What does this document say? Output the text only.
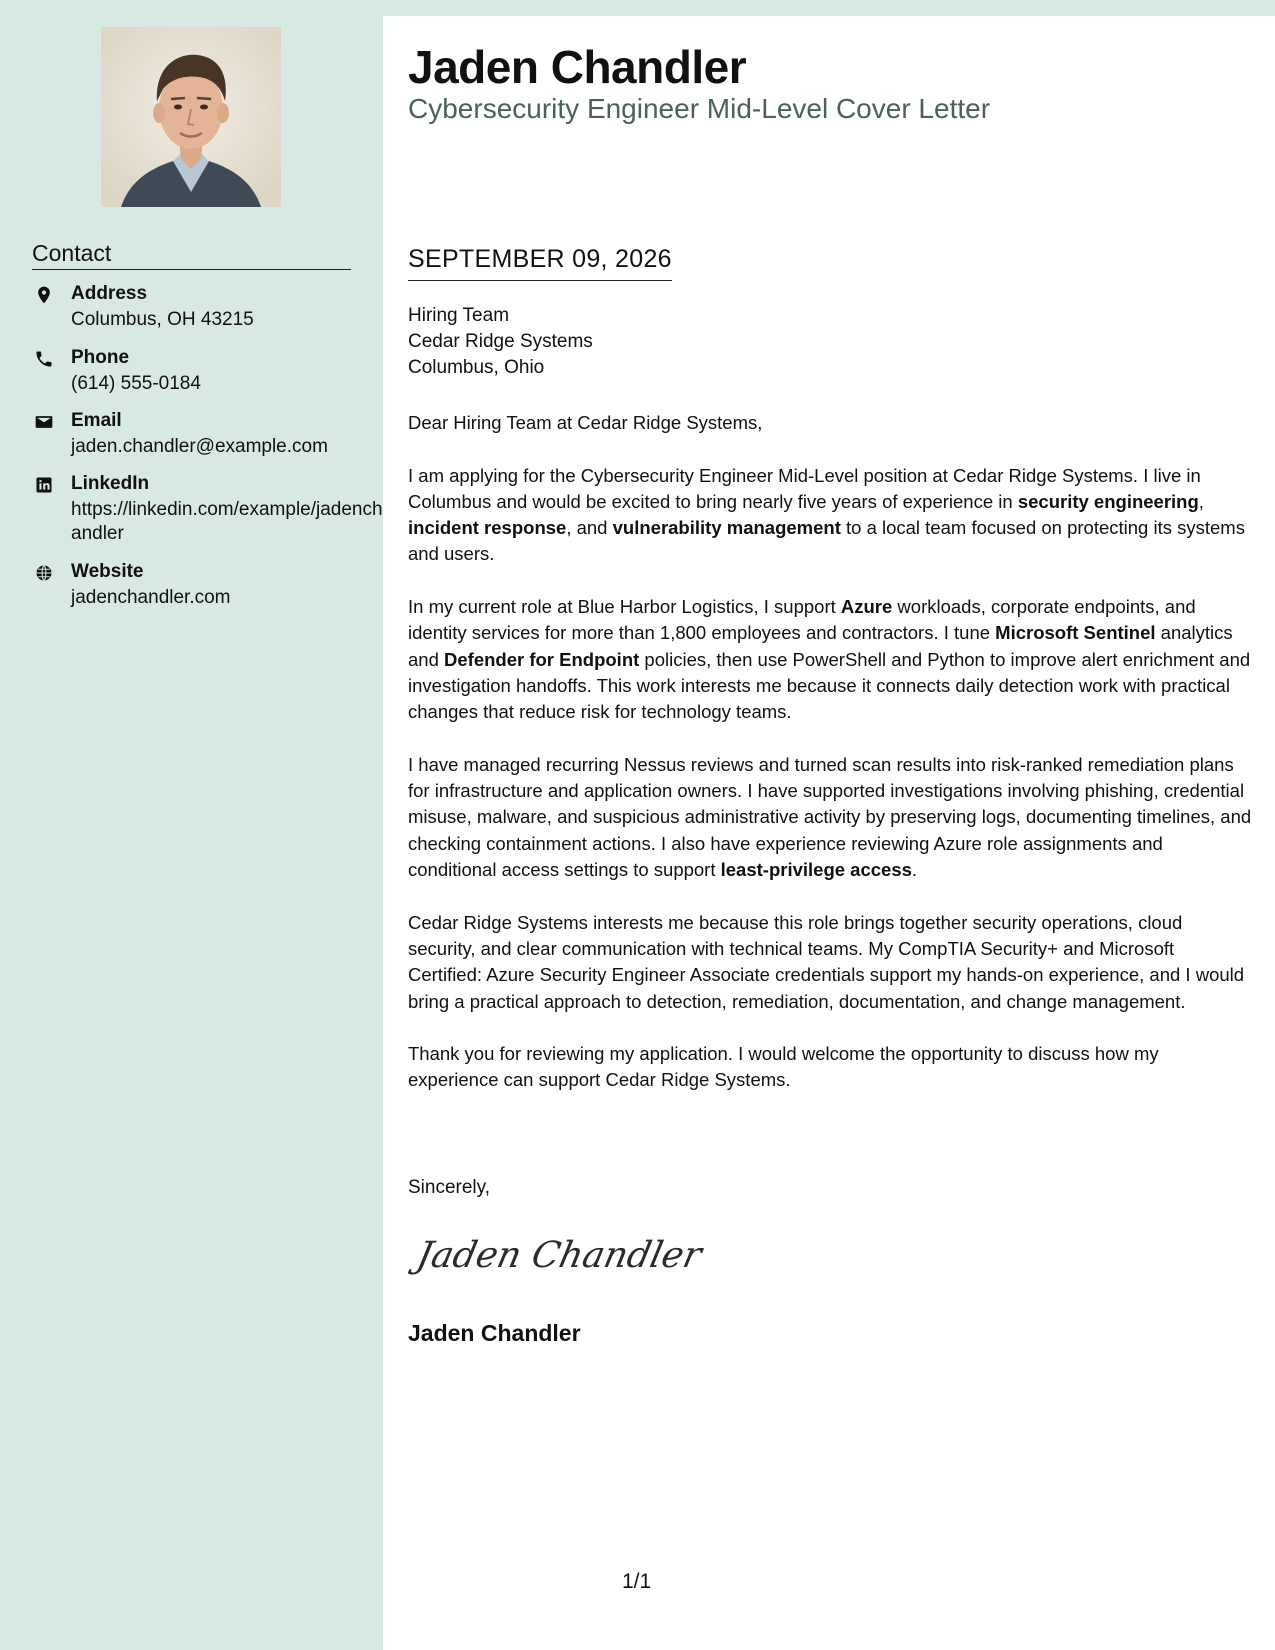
Contact
Address
Columbus, OH 43215
Phone
(614) 555-0184
Email
jaden.chandler@example.com
LinkedIn
https://linkedin.com/example/jadenchandler
Website
jadenchandler.com
Jaden Chandler
Cybersecurity Engineer Mid-Level Cover Letter
SEPTEMBER 09, 2026
Hiring Team
Cedar Ridge Systems
Columbus, Ohio

Dear Hiring Team at Cedar Ridge Systems,

I am applying for the Cybersecurity Engineer Mid-Level position at Cedar Ridge Systems. I live in Columbus and would be excited to bring nearly five years of experience in security engineering, incident response, and vulnerability management to a local team focused on protecting its systems and users.

In my current role at Blue Harbor Logistics, I support Azure workloads, corporate endpoints, and identity services for more than 1,800 employees and contractors. I tune Microsoft Sentinel analytics and Defender for Endpoint policies, then use PowerShell and Python to improve alert enrichment and investigation handoffs. This work interests me because it connects daily detection work with practical changes that reduce risk for technology teams.

I have managed recurring Nessus reviews and turned scan results into risk-ranked remediation plans for infrastructure and application owners. I have supported investigations involving phishing, credential misuse, malware, and suspicious administrative activity by preserving logs, documenting timelines, and checking containment actions. I also have experience reviewing Azure role assignments and conditional access settings to support least-privilege access.

Cedar Ridge Systems interests me because this role brings together security operations, cloud security, and clear communication with technical teams. My CompTIA Security+ and Microsoft Certified: Azure Security Engineer Associate credentials support my hands-on experience, and I would bring a practical approach to detection, remediation, documentation, and change management.

Thank you for reviewing my application. I would welcome the opportunity to discuss how my experience can support Cedar Ridge Systems.

Sincerely,
Jaden Chandler
Jaden Chandler
1/1
